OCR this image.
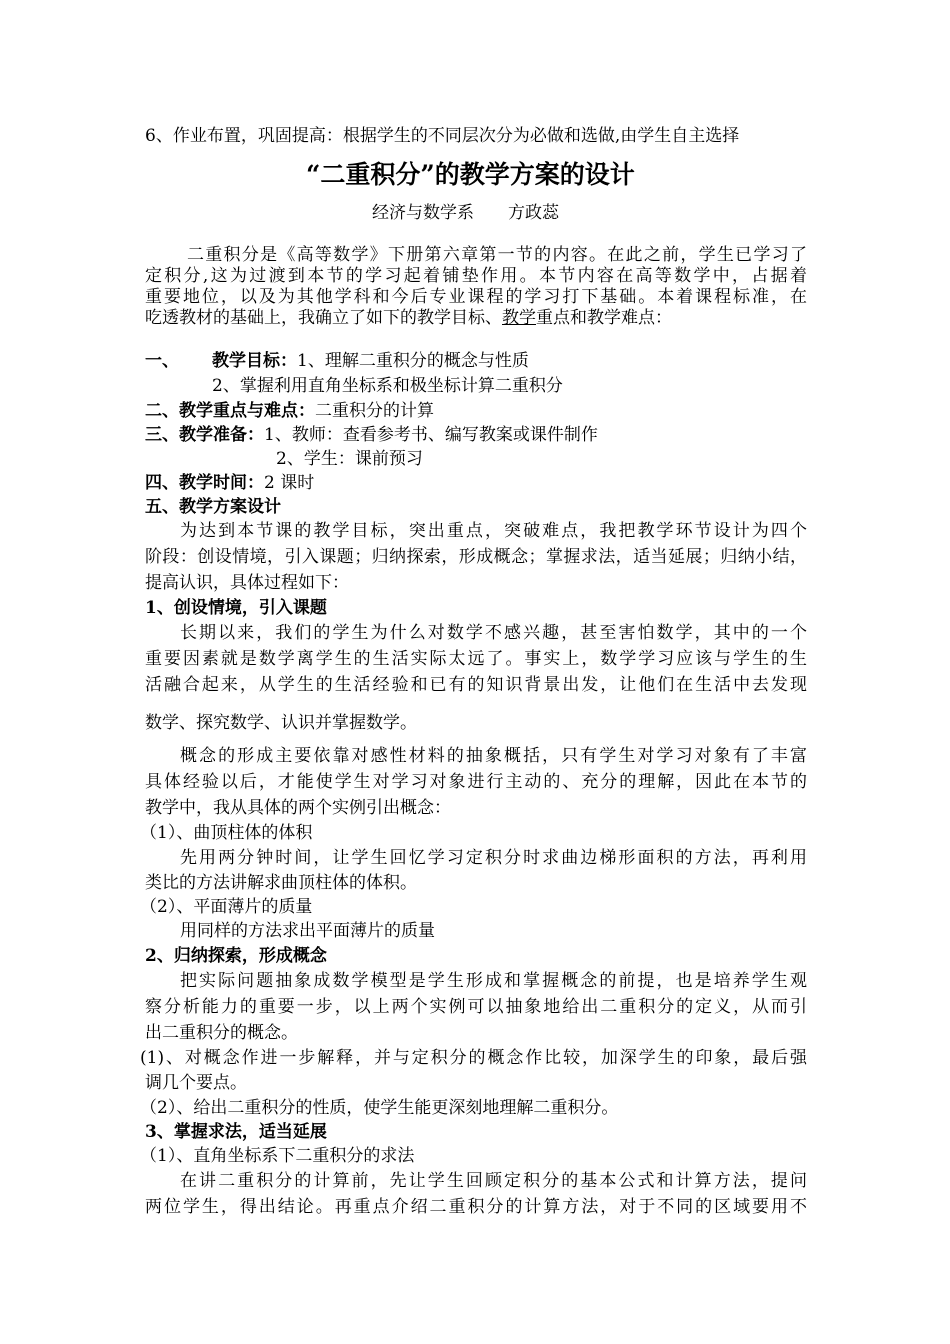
6、作业布置，巩固提高：根据学生的不同层次分为必做和选做,由学生自主选择
“二重积分”的教学方案的设计
经济与数学系 方政蕊
二重积分是《高等数学》下册第六章第一节的内容。在此之前，学生已学习了
定积分,这为过渡到本节的学习起着铺垫作用。本节内容在高等数学中，占据着
重要地位，以及为其他学科和今后专业课程的学习打下基础。本着课程标准，在
吃透教材的基础上，我确立了如下的教学目标、教学重点和教学难点：
一、 教学目标：1、理解二重积分的概念与性质
2、掌握利用直角坐标系和极坐标计算二重积分
二、教学重点与难点：二重积分的计算
三、教学准备：1、教师：查看参考书、编写教案或课件制作
2、学生：课前预习
四、教学时间：2 课时
五、教学方案设计
为达到本节课的教学目标，突出重点，突破难点，我把教学环节设计为四个
阶段：创设情境，引入课题；归纳探索，形成概念；掌握求法，适当延展；归纳小结，
提高认识，具体过程如下：
1、创设情境，引入课题
长期以来，我们的学生为什么对数学不感兴趣，甚至害怕数学，其中的一个
重要因素就是数学离学生的生活实际太远了。事实上，数学学习应该与学生的生
活融合起来，从学生的生活经验和已有的知识背景出发，让他们在生活中去发现
数学、探究数学、认识并掌握数学。
概念的形成主要依靠对感性材料的抽象概括，只有学生对学习对象有了丰富
具体经验以后，才能使学生对学习对象进行主动的、充分的理解，因此在本节的
教学中，我从具体的两个实例引出概念：
（1）、曲顶柱体的体积
先用两分钟时间，让学生回忆学习定积分时求曲边梯形面积的方法，再利用
类比的方法讲解求曲顶柱体的体积。
（2）、平面薄片的质量
用同样的方法求出平面薄片的质量
2、归纳探索，形成概念
把实际问题抽象成数学模型是学生形成和掌握概念的前提，也是培养学生观
察分析能力的重要一步，以上两个实例可以抽象地给出二重积分的定义，从而引
出二重积分的概念。
(1)、对概念作进一步解释，并与定积分的概念作比较，加深学生的印象，最后强
调几个要点。
（2）、给出二重积分的性质，使学生能更深刻地理解二重积分。
3、掌握求法，适当延展
（1）、直角坐标系下二重积分的求法
在讲二重积分的计算前，先让学生回顾定积分的基本公式和计算方法，提问
两位学生，得出结论。再重点介绍二重积分的计算方法，对于不同的区域要用不
